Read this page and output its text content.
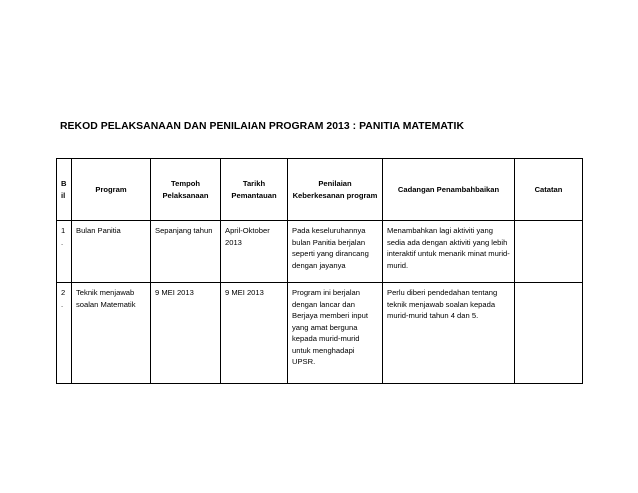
REKOD PELAKSANAAN DAN PENILAIAN PROGRAM 2013 : PANITIA MATEMATIK
Bil	Program	Tempoh Pelaksanaan	Tarikh Pemantauan	Penilaian Keberkesanan program	Cadangan Penambahbaikan	Catatan
1.	Bulan Panitia	Sepanjang tahun	April-Oktober 2013	Pada keseluruhannya bulan Panitia berjalan seperti yang dirancang dengan jayanya	Menambahkan lagi aktiviti yang sedia ada dengan aktiviti yang lebih interaktif untuk menarik minat murid-murid.	
2.	Teknik menjawab soalan Matematik	9 MEI 2013	9 MEI 2013	Program ini berjalan dengan lancar dan Berjaya memberi input yang amat berguna kepada murid-murid untuk menghadapi UPSR.	Perlu diberi pendedahan tentang teknik menjawab soalan kepada murid-murid tahun 4 dan 5.	
